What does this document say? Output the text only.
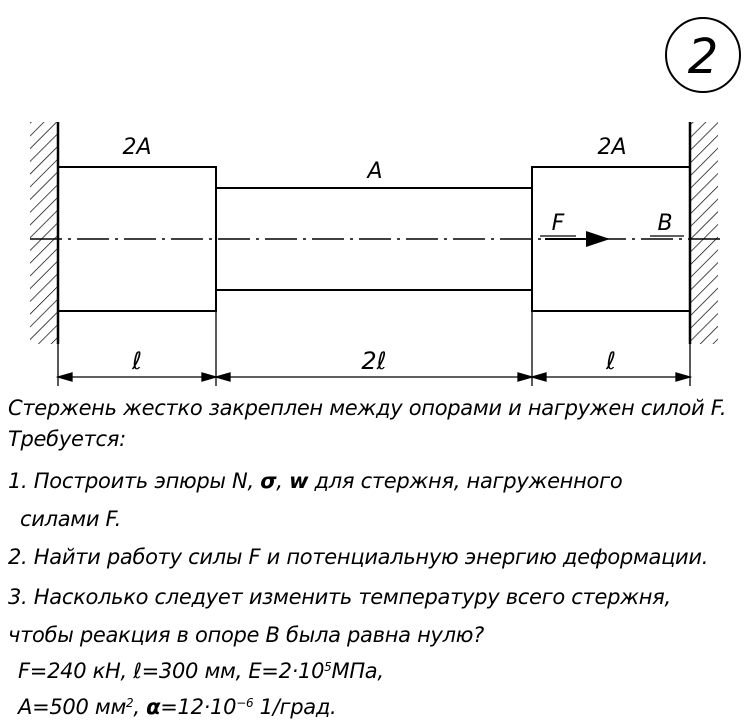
2
2A
A
2A
F	B
ℓ	2ℓ	ℓ
Стержень жестко закреплен между опорами и нагружен силой F.
Требуется:
1. Построить эпюры N, σ, w для стержня, нагруженного
силами F.
2. Найти работу силы F и потенциальную энергию деформации.
3. Насколько следует изменить температуру всего стержня,
чтобы реакция в опоре B была равна нулю?
F=240 кН, ℓ=300 мм, $E=2\cdot 10^5МПа$,
A=500 $мм^2$, $\alpha=12\cdot 10^{-6}$ 1/град.
